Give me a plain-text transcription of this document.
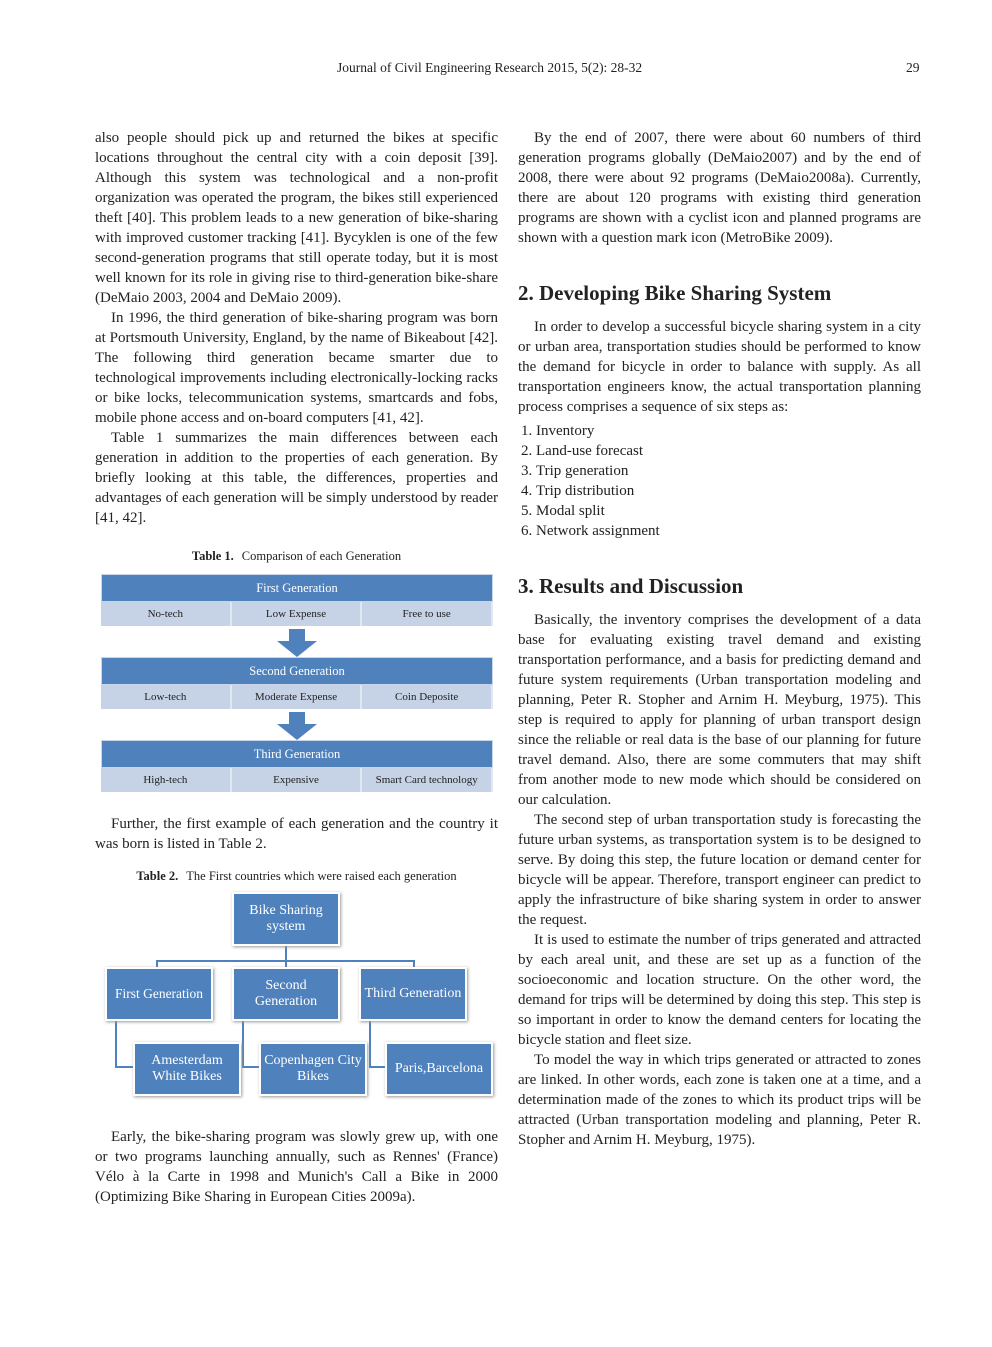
Journal of Civil Engineering Research 2015, 5(2): 28-32	29

also people should pick up and returned the bikes at specific locations throughout the central city with a coin deposit [39]. Although this system was technological and a non-profit organization was operated the program, the bikes still experienced theft [40]. This problem leads to a new generation of bike-sharing with improved customer tracking [41]. Bycyklen is one of the few second-generation programs that still operate today, but it is most well known for its role in giving rise to third-generation bike-share (DeMaio 2003, 2004 and DeMaio 2009).

In 1996, the third generation of bike-sharing program was born at Portsmouth University, England, by the name of Bikeabout [42]. The following third generation became smarter due to technological improvements including electronically-locking racks or bike locks, telecommunication systems, smartcards and fobs, mobile phone access and on-board computers [41, 42].

Table 1 summarizes the main differences between each generation in addition to the properties of each generation. By briefly looking at this table, the differences, properties and advantages of each generation will be simply understood by reader [41, 42].

Table 1. Comparison of each Generation
First Generation
No-tech	Low Expense	Free to use
Second Generation
Low-tech	Moderate Expense	Coin Deposite
Third Generation
High-tech	Expensive	Smart Card technology

Further, the first example of each generation and the country it was born is listed in Table 2.

Table 2. The First countries which were raised each generation
Bike Sharing system
First Generation
Second Generation
Third Generation
Amesterdam White Bikes
Copenhagen City Bikes
Paris,Barcelona

Early, the bike-sharing program was slowly grew up, with one or two programs launching annually, such as Rennes' (France) Vélo à la Carte in 1998 and Munich's Call a Bike in 2000 (Optimizing Bike Sharing in European Cities 2009a).

By the end of 2007, there were about 60 numbers of third generation programs globally (DeMaio2007) and by the end of 2008, there were about 92 programs (DeMaio2008a). Currently, there are about 120 programs with existing third generation programs are shown with a cyclist icon and planned programs are shown with a question mark icon (MetroBike 2009).

2. Developing Bike Sharing System

In order to develop a successful bicycle sharing system in a city or urban area, transportation studies should be performed to know the demand for bicycle in order to balance with supply. As all transportation engineers know, the actual transportation planning process comprises a sequence of six steps as:

1. Inventory
2. Land-use forecast
3. Trip generation
4. Trip distribution
5. Modal split
6. Network assignment
3. Results and Discussion

Basically, the inventory comprises the development of a data base for evaluating existing travel demand and existing transportation performance, and a basis for predicting demand and future system requirements (Urban transportation modeling and planning, Peter R. Stopher and Arnim H. Meyburg, 1975). This step is required to apply for planning of urban transport design since the reliable or real data is the base of our planning for future travel demand. Also, there are some commuters that may shift from another mode to new mode which should be considered on our calculation.

The second step of urban transportation study is forecasting the future urban systems, as transportation system is to be designed to serve. By doing this step, the future location or demand center for bicycle will be appear. Therefore, transport engineer can predict to apply the infrastructure of bike sharing system in order to answer the request.

It is used to estimate the number of trips generated and attracted by each areal unit, and these are set up as a function of the socioeconomic and location structure. On the other word, the demand for trips will be determined by doing this step. This step is so important in order to know the demand centers for locating the bicycle station and fleet size.

To model the way in which trips generated or attracted to zones are linked. In other words, each zone is taken one at a time, and a determination made of the zones to which its product trips will be attracted (Urban transportation modeling and planning, Peter R. Stopher and Arnim H. Meyburg, 1975).
